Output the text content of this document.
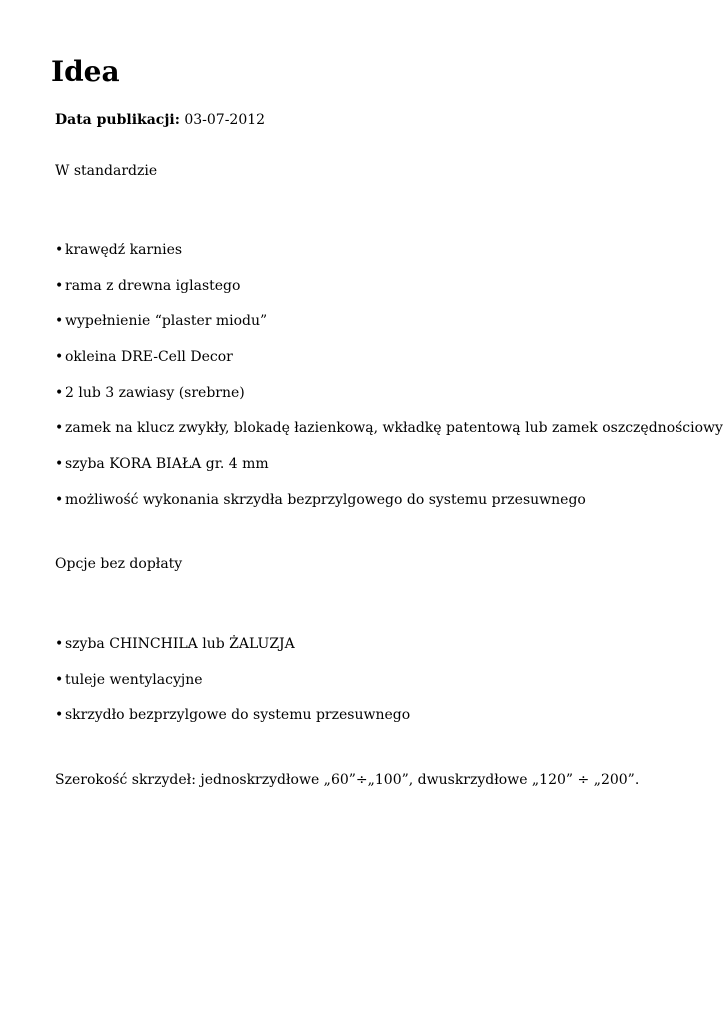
Idea
Data publikacji: 03-07-2012

W standardzie

• krawędź karnies
• rama z drewna iglastego
• wypełnienie “plaster miodu”
• okleina DRE-Cell Decor
• 2 lub 3 zawiasy (srebrne)
• zamek na klucz zwykły, blokadę łazienkową, wkładkę patentową lub zamek oszczędnościowy
• szyba KORA BIAŁA gr. 4 mm
• możliwość wykonania skrzydła bezprzylgowego do systemu przesuwnego

Opcje bez dopłaty

• szyba CHINCHILA lub ŻALUZJA
• tuleje wentylacyjne
• skrzydło bezprzylgowe do systemu przesuwnego

Szerokość skrzydeł: jednoskrzydłowe „60”÷„100”, dwuskrzydłowe „120” ÷ „200”.
